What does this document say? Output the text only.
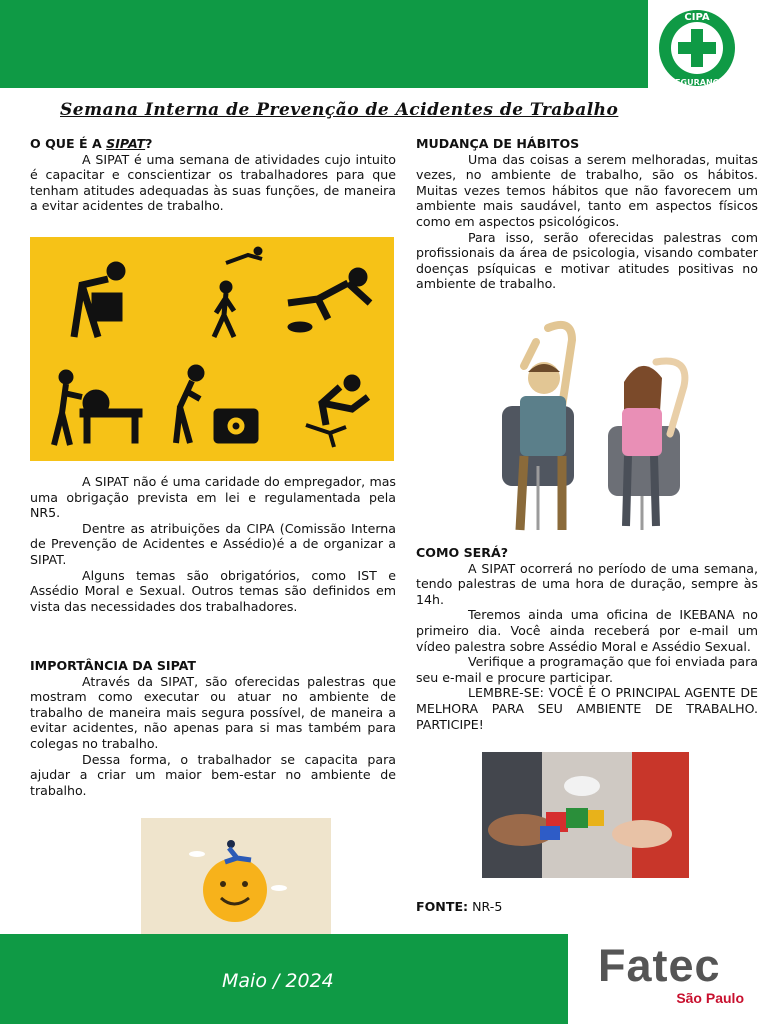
CIPA
SEGURANÇA
Semana Interna de Prevenção de Acidentes de Trabalho
O QUE É A SIPAT?
A SIPAT é uma semana de atividades cujo intuito é capacitar e conscientizar os trabalhadores para que tenham atitudes adequadas às suas funções, de maneira a evitar acidentes de trabalho.
A SIPAT não é uma caridade do empregador, mas uma obrigação prevista em lei e regulamentada pela NR5.
Dentre as atribuições da CIPA (Comissão Interna de Prevenção de Acidentes e Assédio)é a de organizar a SIPAT.
Alguns temas são obrigatórios, como IST e Assédio Moral e Sexual. Outros temas são definidos em vista das necessidades dos trabalhadores.
IMPORTÂNCIA DA SIPAT
Através da SIPAT, são oferecidas palestras que mostram como executar ou atuar no ambiente de trabalho de maneira mais segura possível, de maneira a evitar acidentes, não apenas para si mas também para colegas no trabalho.
Dessa forma, o trabalhador se capacita para ajudar a criar um maior bem-estar no ambiente de trabalho.
MUDANÇA DE HÁBITOS
Uma das coisas a serem melhoradas, muitas vezes, no ambiente de trabalho, são os hábitos. Muitas vezes temos hábitos que não favorecem um ambiente mais saudável, tanto em aspectos físicos como em aspectos psicológicos.
Para isso, serão oferecidas palestras com profissionais da área de psicologia, visando combater doenças psíquicas e motivar atitudes positivas no ambiente de trabalho.
COMO SERÁ?
A SIPAT ocorrerá no período de uma semana, tendo palestras de uma hora de duração, sempre às 14h.
Teremos ainda uma oficina de IKEBANA no primeiro dia. Você ainda receberá por e-mail um vídeo palestra sobre Assédio Moral e Assédio Sexual.
Verifique a programação que foi enviada para seu e-mail e procure participar.
LEMBRE-SE: VOCÊ É O PRINCIPAL AGENTE DE MELHORA PARA SEU AMBIENTE DE TRABALHO. PARTICIPE!
FONTE: NR-5
Maio / 2024	Fatec
São Paulo
